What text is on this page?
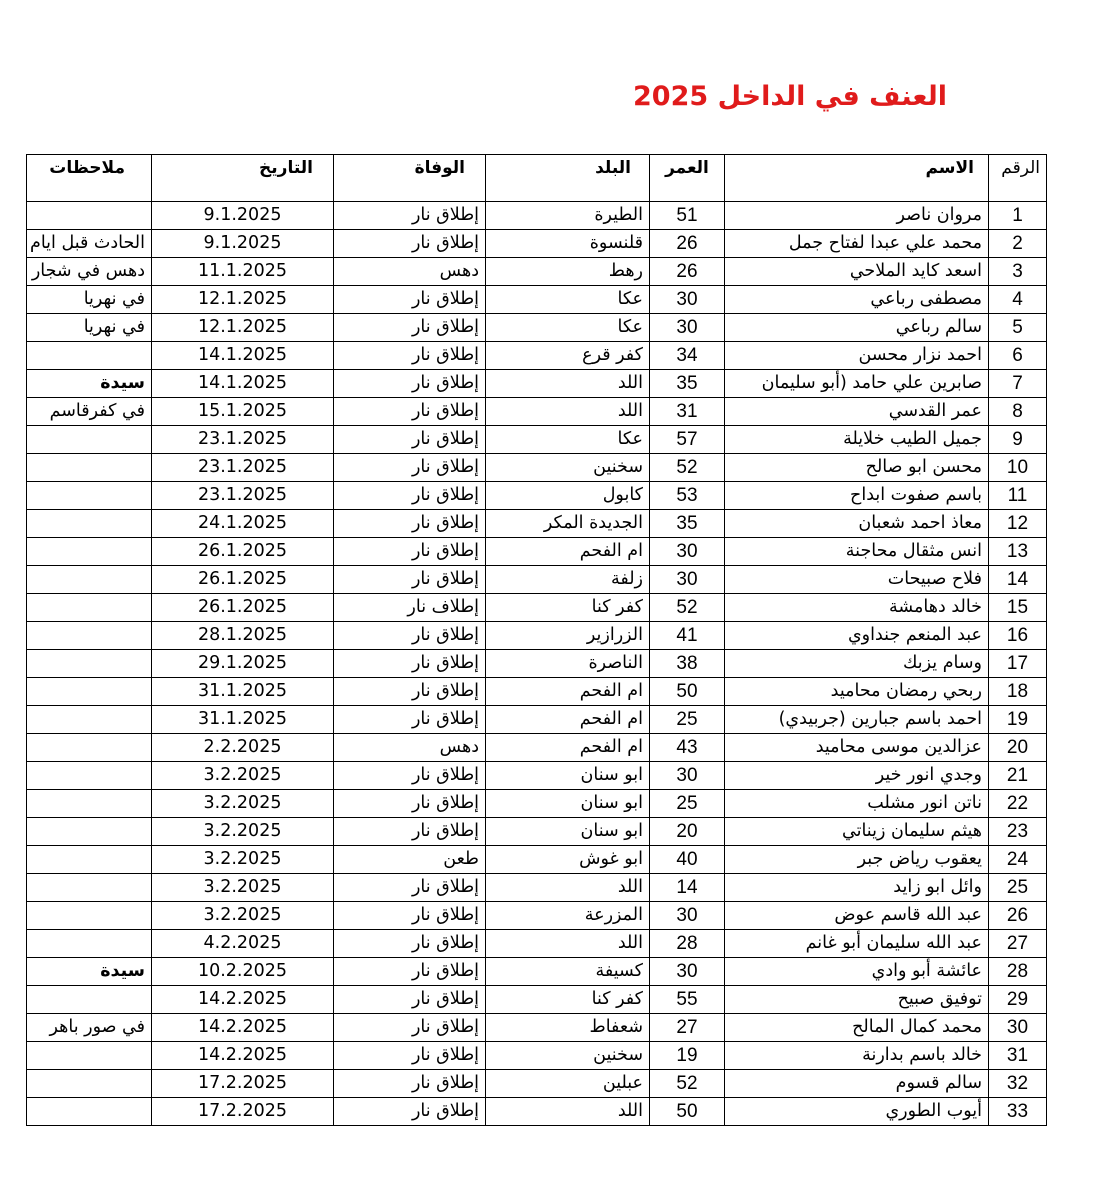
العنف في الداخل 2025
الرقم	الاسم	العمر	البلد	الوفاة	التاريخ	ملاحظات
1	مروان ناصر	51	الطيرة	إطلاق نار	9.1.2025	
2	محمد علي عبدا لفتاح جمل	26	قلنسوة	إطلاق نار	9.1.2025	الحادث قبل ايام
3	اسعد كايد الملاحي	26	رهط	دهس	11.1.2025	دهس في شجار
4	مصطفى رباعي	30	عكا	إطلاق نار	12.1.2025	في نهريا
5	سالم رباعي	30	عكا	إطلاق نار	12.1.2025	في نهريا
6	احمد نزار محسن	34	كفر قرع	إطلاق نار	14.1.2025	
7	صابرين علي حامد (أبو سليمان	35	اللد	إطلاق نار	14.1.2025	سيدة
8	عمر القدسي	31	اللد	إطلاق نار	15.1.2025	في كفرقاسم
9	جميل الطيب خلايلة	57	عكا	إطلاق نار	23.1.2025	
10	محسن ابو صالح	52	سخنين	إطلاق نار	23.1.2025	
11	باسم صفوت ابداح	53	كابول	إطلاق نار	23.1.2025	
12	معاذ احمد شعبان	35	الجديدة المكر	إطلاق نار	24.1.2025	
13	انس مثقال محاجنة	30	ام الفحم	إطلاق نار	26.1.2025	
14	فلاح صبيحات	30	زلفة	إطلاق نار	26.1.2025	
15	خالد دهامشة	52	كفر كنا	إطلاف نار	26.1.2025	
16	عبد المنعم جنداوي	41	الزرازير	إطلاق نار	28.1.2025	
17	وسام يزبك	38	الناصرة	إطلاق نار	29.1.2025	
18	ربحي رمضان محاميد	50	ام الفحم	إطلاق نار	31.1.2025	
19	احمد باسم جبارين (جربيدي)	25	ام الفحم	إطلاق نار	31.1.2025	
20	عزالدين موسى محاميد	43	ام الفحم	دهس	2.2.2025	
21	وجدي انور خير	30	ابو سنان	إطلاق نار	3.2.2025	
22	ناتن انور مشلب	25	ابو سنان	إطلاق نار	3.2.2025	
23	هيثم سليمان زيناتي	20	ابو سنان	إطلاق نار	3.2.2025	
24	يعقوب رياض جبر	40	ابو غوش	طعن	3.2.2025	
25	وائل ابو زايد	14	اللد	إطلاق نار	3.2.2025	
26	عبد الله قاسم عوض	30	المزرعة	إطلاق نار	3.2.2025	
27	عبد الله سليمان أبو غانم	28	اللد	إطلاق نار	4.2.2025	
28	عائشة أبو وادي	30	كسيفة	إطلاق نار	10.2.2025	سيدة
29	توفيق صبيح	55	كفر كنا	إطلاق نار	14.2.2025	
30	محمد كمال المالح	27	شعفاط	إطلاق نار	14.2.2025	في صور باهر
31	خالد باسم بدارنة	19	سخنين	إطلاق نار	14.2.2025	
32	سالم قسوم	52	عبلين	إطلاق نار	17.2.2025	
33	أيوب الطوري	50	اللد	إطلاق نار	17.2.2025	
